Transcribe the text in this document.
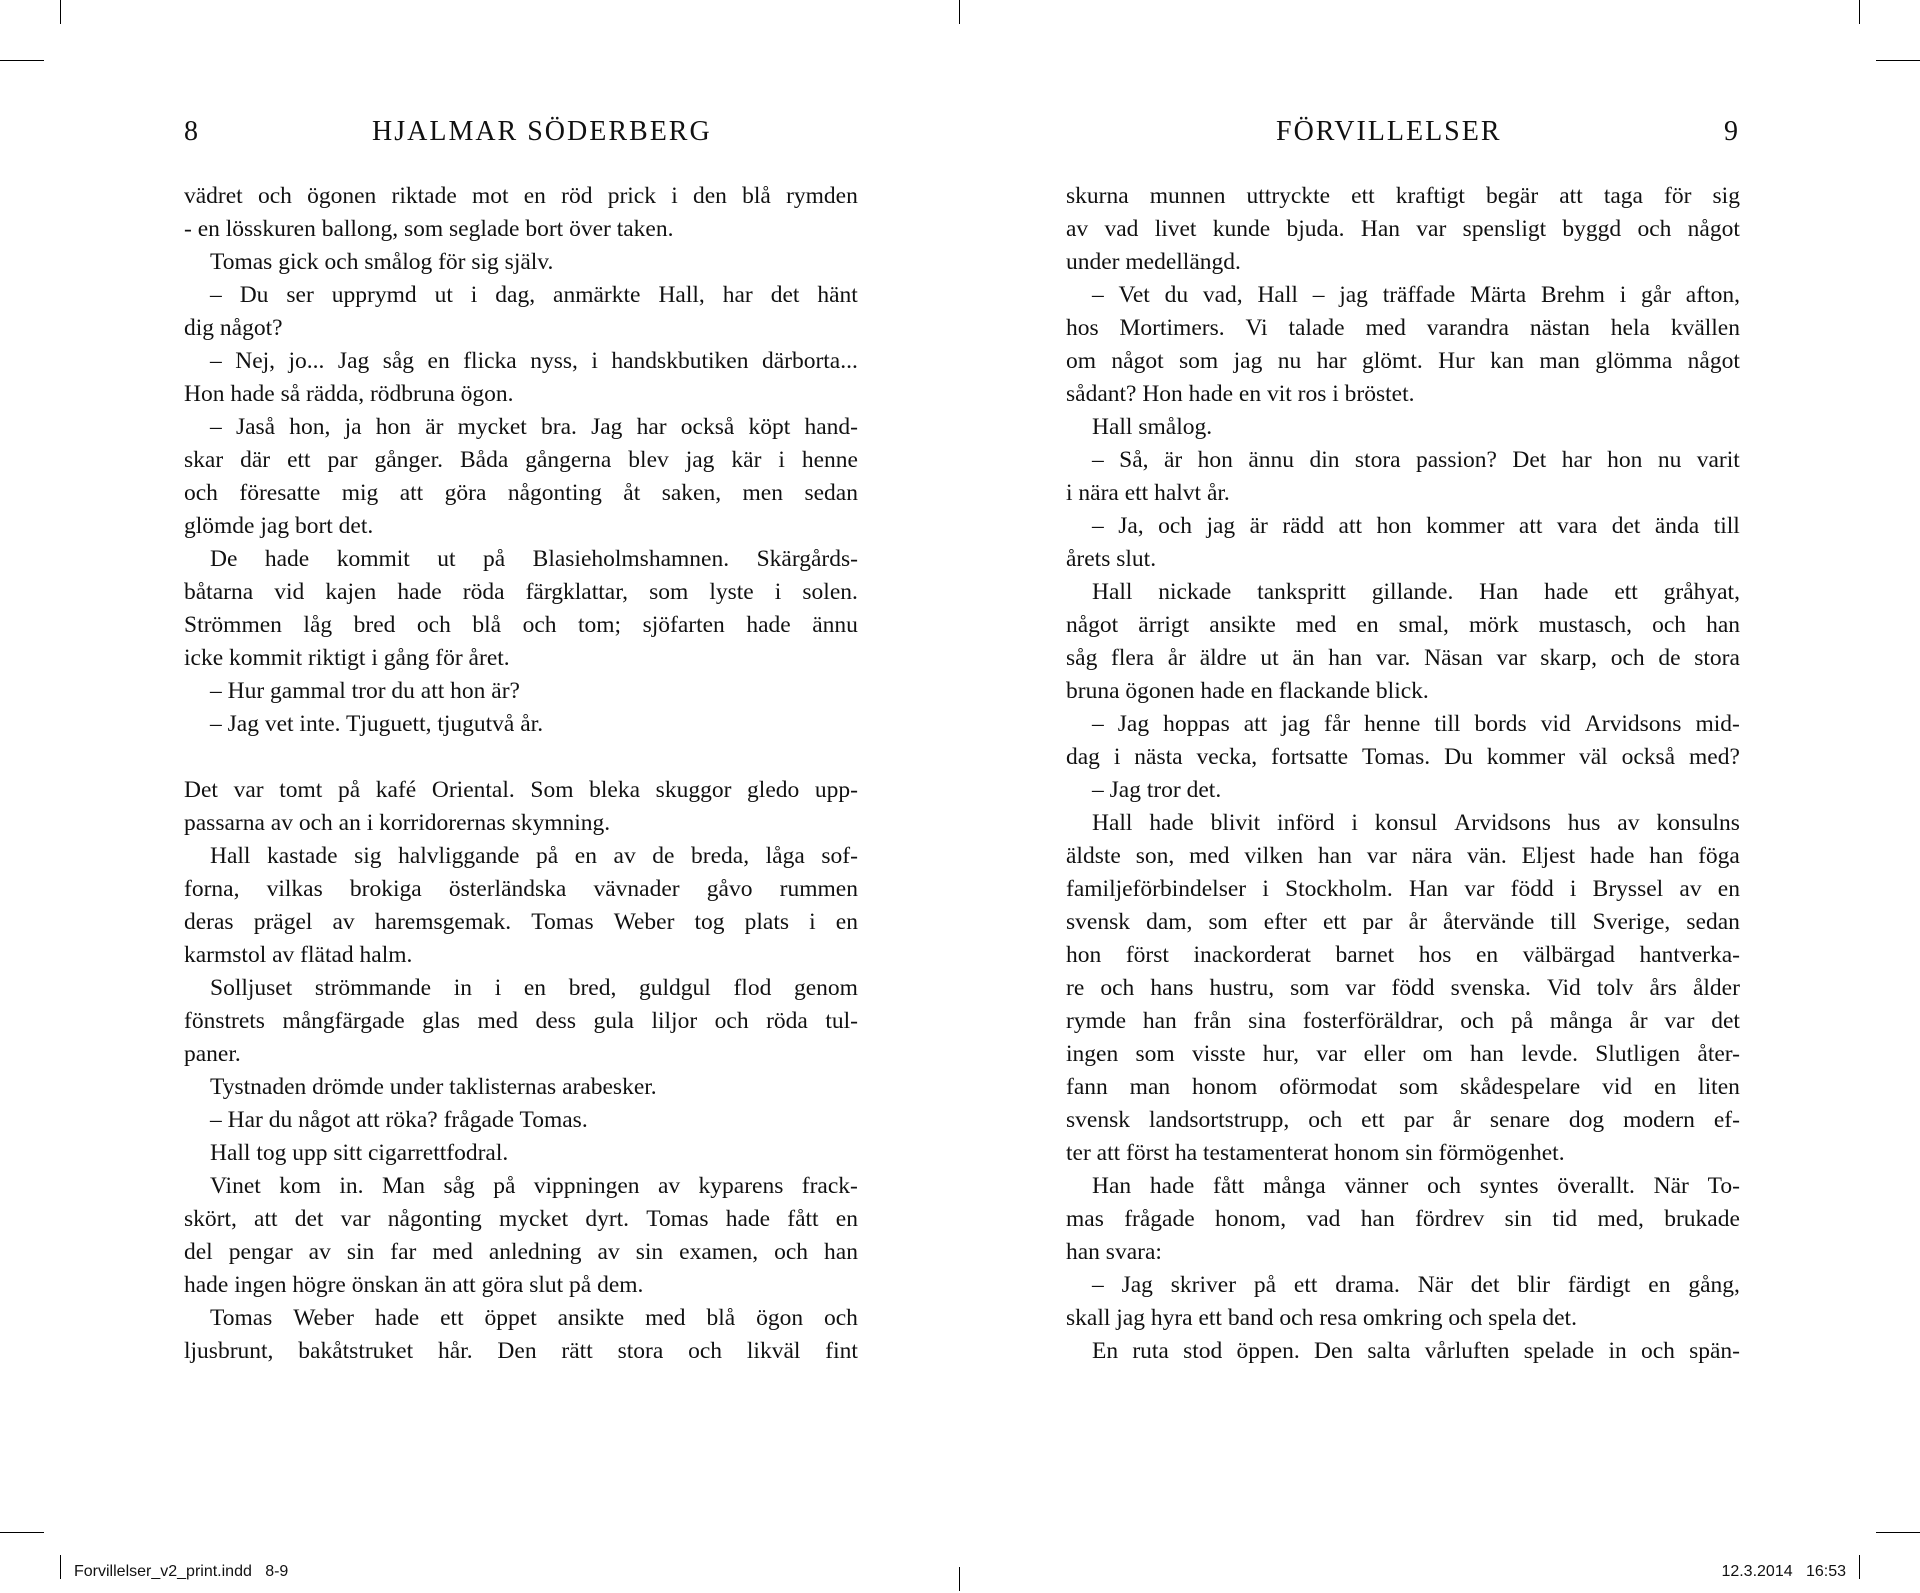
8	HJALMAR SÖDERBERG
vädret och ögonen riktade mot en röd prick i den blå rymden
- en lösskuren ballong, som seglade bort över taken.
Tomas gick och smålog för sig själv.
– Du ser upprymd ut i dag, anmärkte Hall, har det hänt
dig något?
– Nej, jo... Jag såg en flicka nyss, i handskbutiken därborta...
Hon hade så rädda, rödbruna ögon.
– Jaså hon, ja hon är mycket bra. Jag har också köpt hand-
skar där ett par gånger. Båda gångerna blev jag kär i henne
och föresatte mig att göra någonting åt saken, men sedan
glömde jag bort det.
De hade kommit ut på Blasieholmshamnen. Skärgårds-
båtarna vid kajen hade röda färgklattar, som lyste i solen.
Strömmen låg bred och blå och tom; sjöfarten hade ännu
icke kommit riktigt i gång för året.
– Hur gammal tror du att hon är?
– Jag vet inte. Tjuguett, tjugutvå år.
Det var tomt på kafé Oriental. Som bleka skuggor gledo upp-
passarna av och an i korridorernas skymning.
Hall kastade sig halvliggande på en av de breda, låga sof-
forna, vilkas brokiga österländska vävnader gåvo rummen
deras prägel av haremsgemak. Tomas Weber tog plats i en
karmstol av flätad halm.
Solljuset strömmande in i en bred, guldgul flod genom
fönstrets mångfärgade glas med dess gula liljor och röda tul-
paner.
Tystnaden drömde under taklisternas arabesker.
– Har du något att röka? frågade Tomas.
Hall tog upp sitt cigarrettfodral.
Vinet kom in. Man såg på vippningen av kyparens frack-
skört, att det var någonting mycket dyrt. Tomas hade fått en
del pengar av sin far med anledning av sin examen, och han
hade ingen högre önskan än att göra slut på dem.
Tomas Weber hade ett öppet ansikte med blå ögon och
ljusbrunt, bakåtstruket hår. Den rätt stora och likväl fint
FÖRVILLELSER	9
skurna munnen uttryckte ett kraftigt begär att taga för sig
av vad livet kunde bjuda. Han var spensligt byggd och något
under medellängd.
– Vet du vad, Hall – jag träffade Märta Brehm i går afton,
hos Mortimers. Vi talade med varandra nästan hela kvällen
om något som jag nu har glömt. Hur kan man glömma något
sådant? Hon hade en vit ros i bröstet.
Hall smålog.
– Så, är hon ännu din stora passion? Det har hon nu varit
i nära ett halvt år.
– Ja, och jag är rädd att hon kommer att vara det ända till
årets slut.
Hall nickade tankspritt gillande. Han hade ett gråhyat,
något ärrigt ansikte med en smal, mörk mustasch, och han
såg flera år äldre ut än han var. Näsan var skarp, och de stora
bruna ögonen hade en flackande blick.
– Jag hoppas att jag får henne till bords vid Arvidsons mid-
dag i nästa vecka, fortsatte Tomas. Du kommer väl också med?
– Jag tror det.
Hall hade blivit införd i konsul Arvidsons hus av konsulns
äldste son, med vilken han var nära vän. Eljest hade han föga
familjeförbindelser i Stockholm. Han var född i Bryssel av en
svensk dam, som efter ett par år återvände till Sverige, sedan
hon först inackorderat barnet hos en välbärgad hantverka-
re och hans hustru, som var född svenska. Vid tolv års ålder
rymde han från sina fosterföräldrar, och på många år var det
ingen som visste hur, var eller om han levde. Slutligen åter-
fann man honom oförmodat som skådespelare vid en liten
svensk landsortstrupp, och ett par år senare dog modern ef-
ter att först ha testamenterat honom sin förmögenhet.
Han hade fått många vänner och syntes överallt. När To-
mas frågade honom, vad han fördrev sin tid med, brukade
han svara:
– Jag skriver på ett drama. När det blir färdigt en gång,
skall jag hyra ett band och resa omkring och spela det.
En ruta stod öppen. Den salta vårluften spelade in och spän-
Forvillelser_v2_print.indd   8-9	12.3.2014   16:53
